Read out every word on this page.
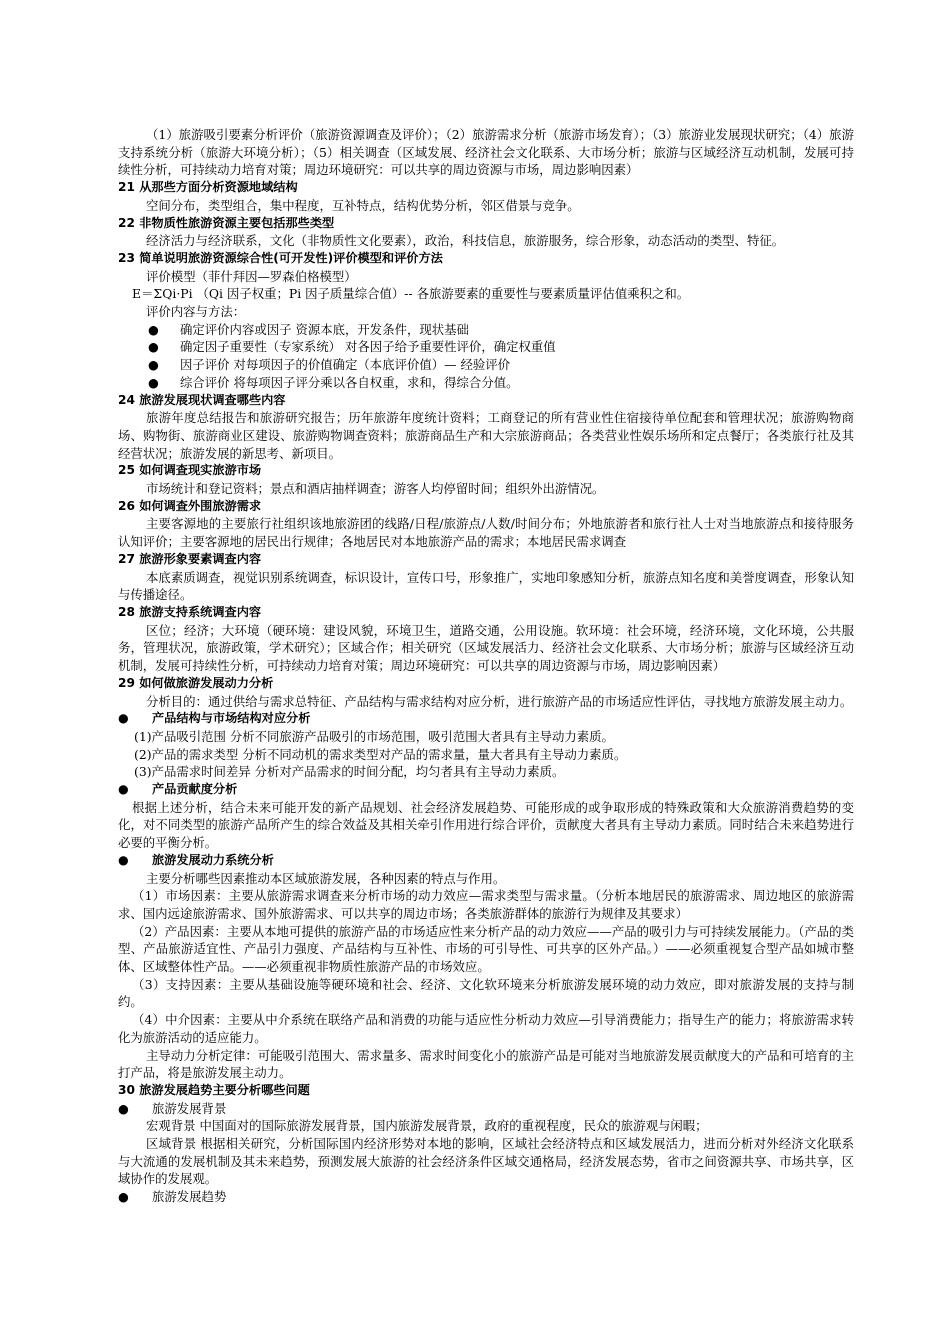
（1）旅游吸引要素分析评价（旅游资源调查及评价）；（2）旅游需求分析（旅游市场发育）；（3）旅游业发展现状研究；（4）旅游支持系统分析（旅游大环境分析）；（5）相关调查（区域发展、经济社会文化联系、大市场分析；旅游与区域经济互动机制，发展可持续性分析，可持续动力培育对策；周边环境研究：可以共享的周边资源与市场，周边影响因素）

21 从那些方面分析资源地域结构

空间分布，类型组合，集中程度，互补特点，结构优势分析，邻区借景与竞争。

22 非物质性旅游资源主要包括那些类型

经济活力与经济联系，文化（非物质性文化要素），政治，科技信息，旅游服务，综合形象，动态活动的类型、特征。

23 简单说明旅游资源综合性(可开发性)评价模型和评价方法

评价模型（菲什拜因—罗森伯格模型）

E＝ΣQi·Pi （Qi 因子权重；Pi 因子质量综合值）-- 各旅游要素的重要性与要素质量评估值乘积之和。

评价内容与方法：

● 确定评价内容或因子 资源本底，开发条件，现状基础

● 确定因子重要性（专家系统） 对各因子给予重要性评价，确定权重值

● 因子评价 对每项因子的价值确定（本底评价值）— 经验评价

● 综合评价 将每项因子评分乘以各自权重，求和，得综合分值。

24 旅游发展现状调查哪些内容

旅游年度总结报告和旅游研究报告；历年旅游年度统计资料；工商登记的所有营业性住宿接待单位配套和管理状况；旅游购物商场、购物街、旅游商业区建设、旅游购物调查资料；旅游商品生产和大宗旅游商品；各类营业性娱乐场所和定点餐厅；各类旅行社及其经营状况；旅游发展的新思考、新项目。

25 如何调查现实旅游市场

市场统计和登记资料；景点和酒店抽样调查；游客人均停留时间；组织外出游情况。

26 如何调查外围旅游需求

主要客源地的主要旅行社组织该地旅游团的线路/日程/旅游点/人数/时间分布；外地旅游者和旅行社人士对当地旅游点和接待服务认知评价；主要客源地的居民出行规律；各地居民对本地旅游产品的需求；本地居民需求调查

27 旅游形象要素调查内容

本底素质调查，视觉识别系统调查，标识设计，宣传口号，形象推广，实地印象感知分析，旅游点知名度和美誉度调查，形象认知与传播途径。

28 旅游支持系统调查内容

区位；经济；大环境（硬环境：建设风貌，环境卫生，道路交通，公用设施。软环境：社会环境，经济环境，文化环境，公共服务，管理状况，旅游政策，学术研究）；区域合作；相关研究（区域发展活力、经济社会文化联系、大市场分析；旅游与区域经济互动机制，发展可持续性分析，可持续动力培育对策；周边环境研究：可以共享的周边资源与市场，周边影响因素）

29 如何做旅游发展动力分析

分析目的：通过供给与需求总特征、产品结构与需求结构对应分析，进行旅游产品的市场适应性评估，寻找地方旅游发展主动力。

● 产品结构与市场结构对应分析

(1)产品吸引范围 分析不同旅游产品吸引的市场范围，吸引范围大者具有主导动力素质。

(2)产品的需求类型 分析不同动机的需求类型对产品的需求量，量大者具有主导动力素质。

(3)产品需求时间差异 分析对产品需求的时间分配，均匀者具有主导动力素质。

● 产品贡献度分析

根据上述分析，结合未来可能开发的新产品规划、社会经济发展趋势、可能形成的或争取形成的特殊政策和大众旅游消费趋势的变化，对不同类型的旅游产品所产生的综合效益及其相关牵引作用进行综合评价，贡献度大者具有主导动力素质。同时结合未来趋势进行必要的平衡分析。

● 旅游发展动力系统分析

主要分析哪些因素推动本区域旅游发展，各种因素的特点与作用。

（1）市场因素：主要从旅游需求调查来分析市场的动力效应—需求类型与需求量。（分析本地居民的旅游需求、周边地区的旅游需求、国内远途旅游需求、国外旅游需求、可以共享的周边市场；各类旅游群体的旅游行为规律及其要求）

（2）产品因素：主要从本地可提供的旅游产品的市场适应性来分析产品的动力效应——产品的吸引力与可持续发展能力。（产品的类型、产品旅游适宜性、产品引力强度、产品结构与互补性、市场的可引导性、可共享的区外产品。）——必须重视复合型产品如城市整体、区域整体性产品。——必须重视非物质性旅游产品的市场效应。

（3）支持因素：主要从基础设施等硬环境和社会、经济、文化软环境来分析旅游发展环境的动力效应，即对旅游发展的支持与制约。

（4）中介因素：主要从中介系统在联络产品和消费的功能与适应性分析动力效应—引导消费能力；指导生产的能力；将旅游需求转化为旅游活动的适应能力。

主导动力分析定律：可能吸引范围大、需求量多、需求时间变化小的旅游产品是可能对当地旅游发展贡献度大的产品和可培育的主打产品，将是旅游发展主动力。

30 旅游发展趋势主要分析哪些问题

● 旅游发展背景

宏观背景 中国面对的国际旅游发展背景，国内旅游发展背景，政府的重视程度，民众的旅游观与闲暇；

区域背景 根据相关研究，分析国际国内经济形势对本地的影响，区域社会经济特点和区域发展活力，进而分析对外经济文化联系与大流通的发展机制及其未来趋势，预测发展大旅游的社会经济条件区域交通格局，经济发展态势，省市之间资源共享、市场共享，区域协作的发展观。

● 旅游发展趋势
